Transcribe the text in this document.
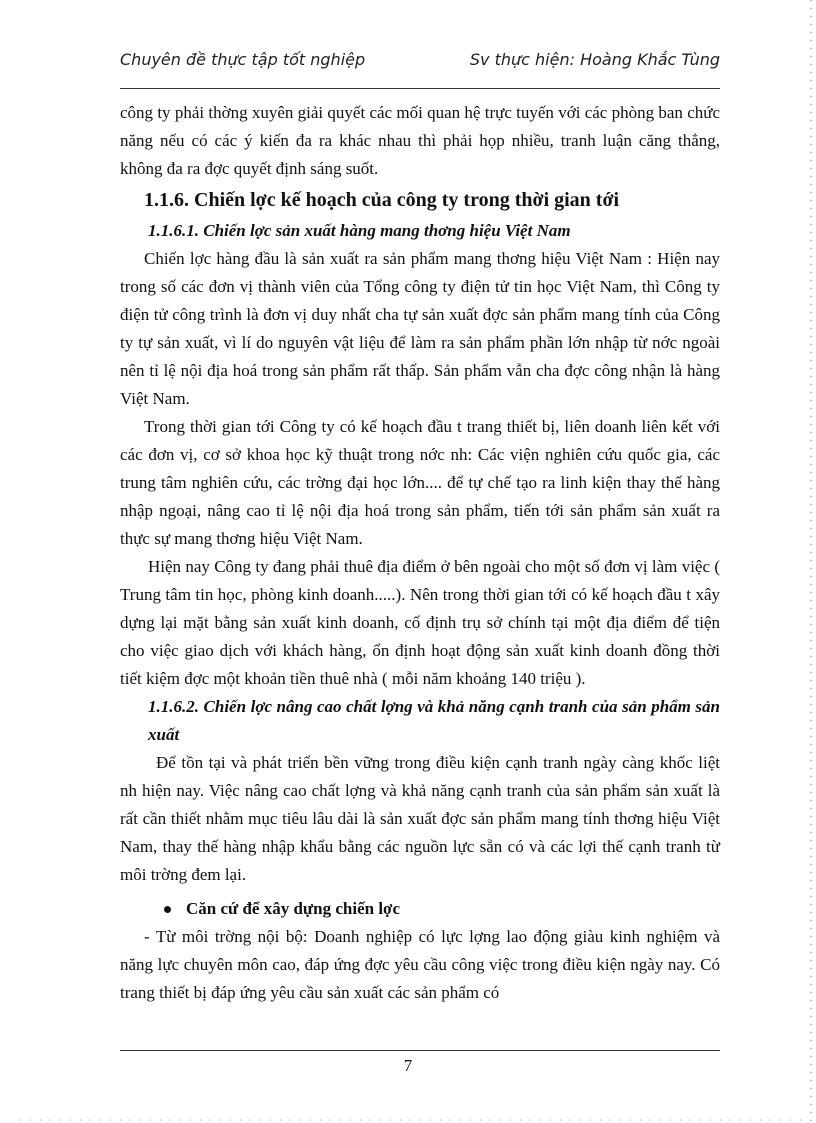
Chuyên đề thực tập tốt nghiệp	Sv thực hiện: Hoàng Khắc Tùng

công ty phải thờng xuyên giải quyết các mối quan hệ trực tuyến với các phòng ban chức năng nếu có các ý kiến đa ra khác nhau thì phải họp nhiều, tranh luận căng thẳng, không đa ra đợc quyết định sáng suốt.

1.1.6. Chiến lợc kế hoạch của công ty trong thời gian tới

1.1.6.1. Chiến lợc sản xuất hàng mang thơng hiệu Việt Nam

Chiến lợc hàng đầu là sản xuất ra sản phẩm mang thơng hiệu Việt Nam : Hiện nay trong số các đơn vị thành viên của Tổng công ty điện tử tin học Việt Nam, thì Công ty điện tử công trình là đơn vị duy nhất cha tự sản xuất đợc sản phẩm mang tính của Công ty tự sản xuất, vì lí do nguyên vật liệu để làm ra sản phẩm phần lớn nhập từ nớc ngoài nên tỉ lệ nội địa hoá trong sản phẩm rất thấp. Sản phẩm vẫn cha đợc công nhận là hàng Việt Nam.

Trong thời gian tới Công ty có kế hoạch đầu t trang thiết bị, liên doanh liên kết với các đơn vị, cơ sở khoa học kỹ thuật trong nớc nh: Các viện nghiên cứu quốc gia, các trung tâm nghiên cứu, các trờng đại học lớn.... để tự chế tạo ra linh kiện thay thế hàng nhập ngoại, nâng cao tỉ lệ nội địa hoá trong sản phẩm, tiến tới sản phẩm sản xuất ra thực sự mang thơng hiệu Việt Nam.

Hiện nay Công ty đang phải thuê địa điểm ở bên ngoài cho một số đơn vị làm việc ( Trung tâm tin học, phòng kinh doanh.....). Nên trong thời gian tới có kế hoạch đầu t xây dựng lại mặt bằng sản xuất kinh doanh, cố định trụ sở chính tại một địa điểm để tiện cho việc giao dịch với khách hàng, ổn định hoạt động sản xuất kinh doanh đồng thời tiết kiệm đợc một khoản tiền thuê nhà ( mỗi năm khoảng 140 triệu ).

1.1.6.2. Chiến lợc nâng cao chất lợng và khả năng cạnh tranh của sản phẩm sản xuất

Để tồn tại và phát triển bền vững trong điều kiện cạnh tranh ngày càng khốc liệt nh hiện nay. Việc nâng cao chất lợng và khả năng cạnh tranh của sản phẩm sản xuất là rất cần thiết nhằm mục tiêu lâu dài là sản xuất đợc sản phẩm mang tính thơng hiệu Việt Nam, thay thế hàng nhập khẩu bằng các nguồn lực sẵn có và các lợi thế cạnh tranh từ môi trờng đem lại.

Căn cứ để xây dựng chiến lợc

- Từ môi trờng nội bộ: Doanh nghiệp có lực lợng lao động giàu kinh nghiệm và năng lực chuyên môn cao, đáp ứng đợc yêu cầu công việc trong điều kiện ngày nay. Có trang thiết bị đáp ứng yêu cầu sản xuất các sản phẩm có

7
